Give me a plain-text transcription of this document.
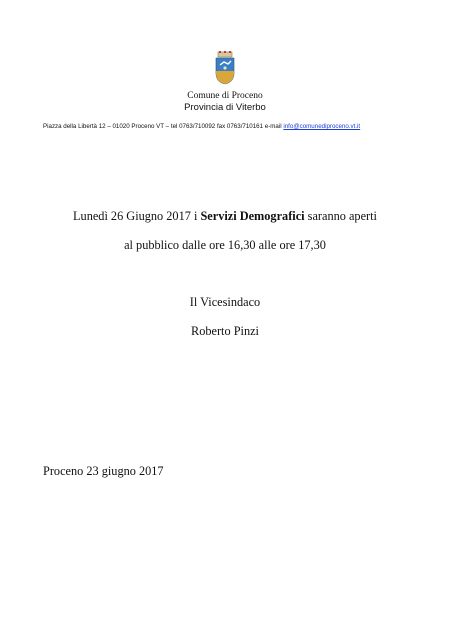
Comune di Proceno
Provincia di Viterbo
Piazza della Libertà 12 – 01020 Proceno VT – tel 0763/710092 fax 0763/710161 e-mail info@comunediproceno.vt.it
Lunedì 26 Giugno 2017 i Servizi Demografici saranno aperti
al pubblico dalle ore 16,30 alle ore 17,30
Il Vicesindaco
Roberto Pinzi
Proceno 23 giugno 2017
